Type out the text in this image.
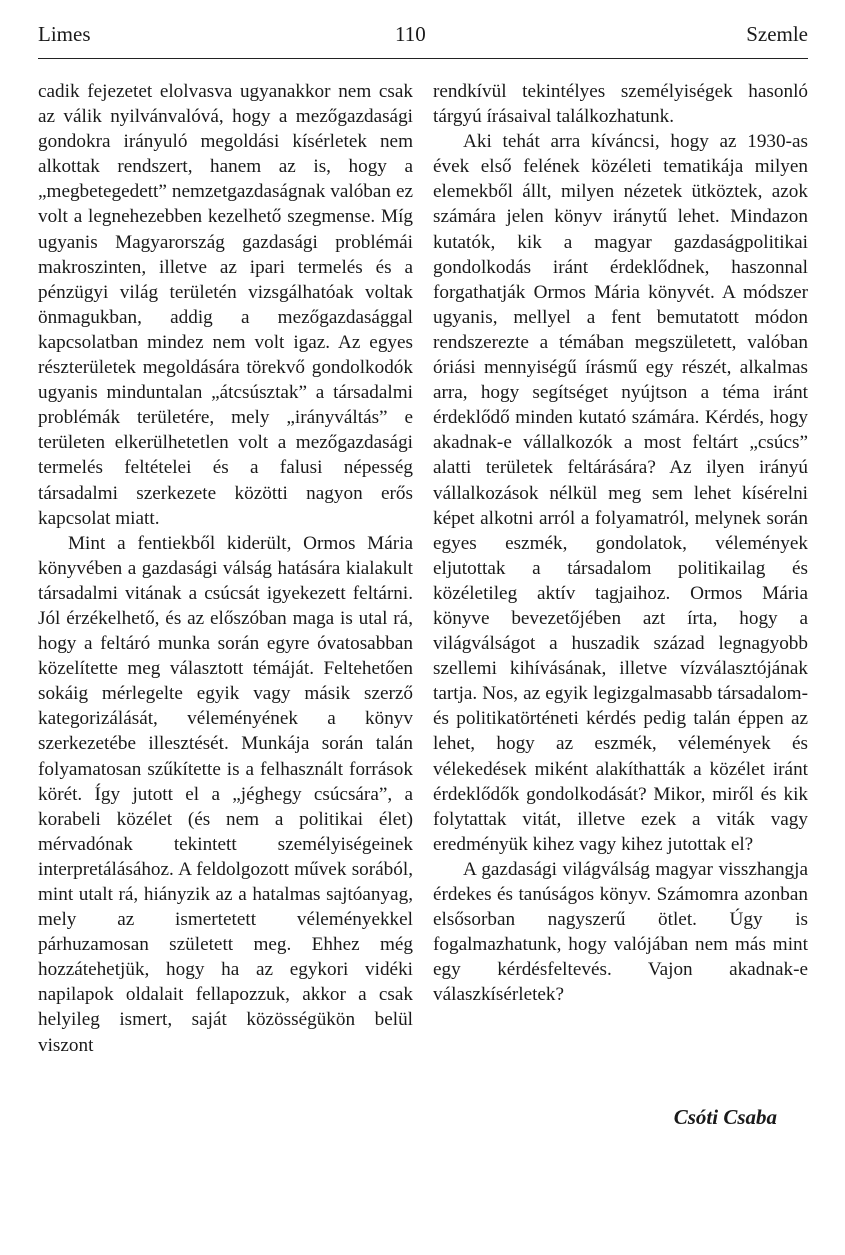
Limes	110	Szemle

cadik fejezetet elolvasva ugyanakkor nem csak az válik nyilvánvalóvá, hogy a mezőgazdasági gondokra irányuló megoldási kísérletek nem alkottak rendszert, hanem az is, hogy a „megbetegedett” nemzetgazdaságnak valóban ez volt a legnehezebben kezelhető szegmense. Míg ugyanis Magyarország gazdasági problémái makroszinten, illetve az ipari termelés és a pénzügyi világ területén vizsgálhatóak voltak önmagukban, addig a mezőgazdasággal kapcsolatban mindez nem volt igaz. Az egyes részterületek megoldására törekvő gondolkodók ugyanis minduntalan „átcsúsztak” a társadalmi problémák területére, mely „irányváltás” e területen elkerülhetetlen volt a mezőgazdasági termelés feltételei és a falusi népesség társadalmi szerkezete közötti nagyon erős kapcsolat miatt.

Mint a fentiekből kiderült, Ormos Mária könyvében a gazdasági válság hatására kialakult társadalmi vitának a csúcsát igyekezett feltárni. Jól érzékelhető, és az előszóban maga is utal rá, hogy a feltáró munka során egyre óvatosabban közelítette meg választott témáját. Feltehetően sokáig mérlegelte egyik vagy másik szerző kategorizálását, véleményének a könyv szerkezetébe illesztését. Munkája során talán folyamatosan szűkítette is a felhasznált források körét. Így jutott el a „jéghegy csúcsára”, a korabeli közélet (és nem a politikai élet) mérvadónak tekintett személyiségeinek interpretálásához. A feldolgozott művek sorából, mint utalt rá, hiányzik az a hatalmas sajtóanyag, mely az ismertetett véleményekkel párhuzamosan született meg. Ehhez még hozzátehetjük, hogy ha az egykori vidéki napilapok oldalait fellapozzuk, akkor a csak helyileg ismert, saját közösségükön belül viszont

rendkívül tekintélyes személyiségek hasonló tárgyú írásaival találkozhatunk.

Aki tehát arra kíváncsi, hogy az 1930-as évek első felének közéleti tematikája milyen elemekből állt, milyen nézetek ütköztek, azok számára jelen könyv iránytű lehet. Mindazon kutatók, kik a magyar gazdaságpolitikai gondolkodás iránt érdeklődnek, haszonnal forgathatják Ormos Mária könyvét. A módszer ugyanis, mellyel a fent bemutatott módon rendszerezte a témában megszületett, valóban óriási mennyiségű írásmű egy részét, alkalmas arra, hogy segítséget nyújtson a téma iránt érdeklődő minden kutató számára. Kérdés, hogy akadnak-e vállalkozók a most feltárt „csúcs” alatti területek feltárására? Az ilyen irányú vállalkozások nélkül meg sem lehet kísérelni képet alkotni arról a folyamatról, melynek során egyes eszmék, gondolatok, vélemények eljutottak a társadalom politikailag és közéletileg aktív tagjaihoz. Ormos Mária könyve bevezetőjében azt írta, hogy a világválságot a huszadik század legnagyobb szellemi kihívásának, illetve vízválasztójának tartja. Nos, az egyik legizgalmasabb társadalom- és politikatörténeti kérdés pedig talán éppen az lehet, hogy az eszmék, vélemények és vélekedések miként alakíthatták a közélet iránt érdeklődők gondolkodását? Mikor, miről és kik folytattak vitát, illetve ezek a viták vagy eredményük kihez vagy kihez jutottak el?

A gazdasági világválság magyar visszhangja érdekes és tanúságos könyv. Számomra azonban elsősorban nagyszerű ötlet. Úgy is fogalmazhatunk, hogy valójában nem más mint egy kérdésfeltevés. Vajon akadnak-e válaszkísérletek?

Csóti Csaba
